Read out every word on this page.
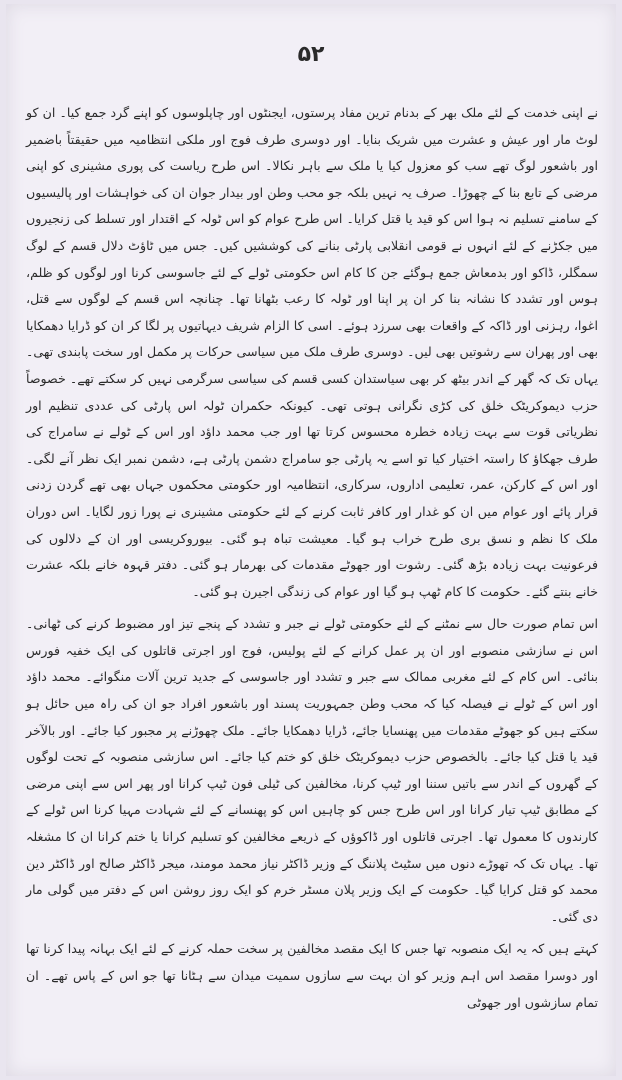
۵۲

نے اپنی خدمت کے لئے ملک بھر کے بدنام ترین مفاد پرستوں، ایجنٹوں اور چاپلوسوں کو اپنے گرد جمع کیا۔ ان کو لوٹ مار اور عیش و عشرت میں شریک بنایا۔ اور دوسری طرف فوج اور ملکی انتظامیہ میں حقیقتاً باضمیر اور باشعور لوگ تھے سب کو معزول کیا یا ملک سے باہر نکالا۔ اس طرح ریاست کی پوری مشینری کو اپنی مرضی کے تابع بنا کے چھوڑا۔ صرف یہ نہیں بلکہ جو محب وطن اور بیدار جوان ان کی خواہشات اور پالیسیوں کے سامنے تسلیم نہ ہوا اس کو قید یا قتل کرایا۔ اس طرح عوام کو اس ٹولہ کے اقتدار اور تسلط کی زنجیروں میں جکڑنے کے لئے انہوں نے قومی انقلابی پارٹی بنانے کی کوششیں کیں۔ جس میں ٹاؤٹ دلال قسم کے لوگ سمگلر، ڈاکو اور بدمعاش جمع ہوگئے جن کا کام اس حکومتی ٹولے کے لئے جاسوسی کرنا اور لوگوں کو ظلم، ہوس اور تشدد کا نشانہ بنا کر ان پر اپنا اور ٹولہ کا رعب بٹھانا تھا۔ چنانچہ اس قسم کے لوگوں سے قتل، اغوا، رہزنی اور ڈاکہ کے واقعات بھی سرزد ہوئے۔ اسی کا الزام شریف دیہاتیوں پر لگا کر ان کو ڈرایا دھمکایا بھی اور پھران سے رشوتیں بھی لیں۔ دوسری طرف ملک میں سیاسی حرکات پر مکمل اور سخت پابندی تھی۔ یہاں تک کہ گھر کے اندر بیٹھ کر بھی سیاستدان کسی قسم کی سیاسی سرگرمی نہیں کر سکتے تھے۔ خصوصاً حزب دیموکریٹک خلق کی کڑی نگرانی ہوتی تھی۔ کیونکہ حکمران ٹولہ اس پارٹی کی عددی تنظیم اور نظریاتی قوت سے بہت زیادہ خطرہ محسوس کرتا تھا اور جب محمد داؤد اور اس کے ٹولے نے سامراج کی طرف جھکاؤ کا راستہ اختیار کیا تو اسے یہ پارٹی جو سامراج دشمن پارٹی ہے، دشمن نمبر ایک نظر آنے لگی۔ اور اس کے کارکن، عمر، تعلیمی اداروں، سرکاری، انتظامیہ اور حکومتی محکموں جہاں بھی تھے گردن زدنی قرار پائے اور عوام میں ان کو غدار اور کافر ثابت کرنے کے لئے حکومتی مشینری نے پورا زور لگایا۔ اس دوران ملک کا نظم و نسق بری طرح خراب ہو گیا۔ معیشت تباہ ہو گئی۔ بیوروکریسی اور ان کے دلالوں کی فرعونیت بہت زیادہ بڑھ گئی۔ رشوت اور جھوٹے مقدمات کی بھرمار ہو گئی۔ دفتر قہوہ خانے بلکہ عشرت خانے بنتے گئے۔ حکومت کا کام ٹھپ ہو گیا اور عوام کی زندگی اجیرن ہو گئی۔

اس تمام صورت حال سے نمٹنے کے لئے حکومتی ٹولے نے جبر و تشدد کے پنجے تیز اور مضبوط کرنے کی ٹھانی۔ اس نے سازشی منصوبے اور ان پر عمل کرانے کے لئے پولیس، فوج اور اجرتی قاتلوں کی ایک خفیہ فورس بنائی۔ اس کام کے لئے مغربی ممالک سے جبر و تشدد اور جاسوسی کے جدید ترین آلات منگوائے۔ محمد داؤد اور اس کے ٹولے نے فیصلہ کیا کہ محب وطن جمہوریت پسند اور باشعور افراد جو ان کی راہ میں حائل ہو سکتے ہیں کو جھوٹے مقدمات میں پھنسایا جائے، ڈرایا دھمکایا جائے۔ ملک چھوڑنے پر مجبور کیا جائے۔ اور بالآخر قید یا قتل کیا جائے۔ بالخصوص حزب دیموکریٹک خلق کو ختم کیا جائے۔ اس سازشی منصوبہ کے تحت لوگوں کے گھروں کے اندر سے باتیں سننا اور ٹیپ کرنا، مخالفین کی ٹیلی فون ٹیپ کرانا اور پھر اس سے اپنی مرضی کے مطابق ٹیپ تیار کرانا اور اس طرح جس کو چاہیں اس کو پھنسانے کے لئے شہادت مہیا کرنا اس ٹولے کے کارندوں کا معمول تھا۔ اجرتی قاتلوں اور ڈاکوؤں کے ذریعے مخالفین کو تسلیم کرانا یا ختم کرانا ان کا مشغلہ تھا۔ یہاں تک کہ تھوڑے دنوں میں سٹیٹ پلاننگ کے وزیر ڈاکٹر نیاز محمد مومند، میجر ڈاکٹر صالح اور ڈاکٹر دین محمد کو قتل کرایا گیا۔ حکومت کے ایک وزیر پلان مسٹر خرم کو ایک روز روشن اس کے دفتر میں گولی مار دی گئی۔

کہتے ہیں کہ یہ ایک منصوبہ تھا جس کا ایک مقصد مخالفین پر سخت حملہ کرنے کے لئے ایک بہانہ پیدا کرنا تھا اور دوسرا مقصد اس اہم وزیر کو ان بہت سے سازوں سمیت میدان سے ہٹانا تھا جو اس کے پاس تھے۔ ان تمام سازشوں اور جھوٹی
